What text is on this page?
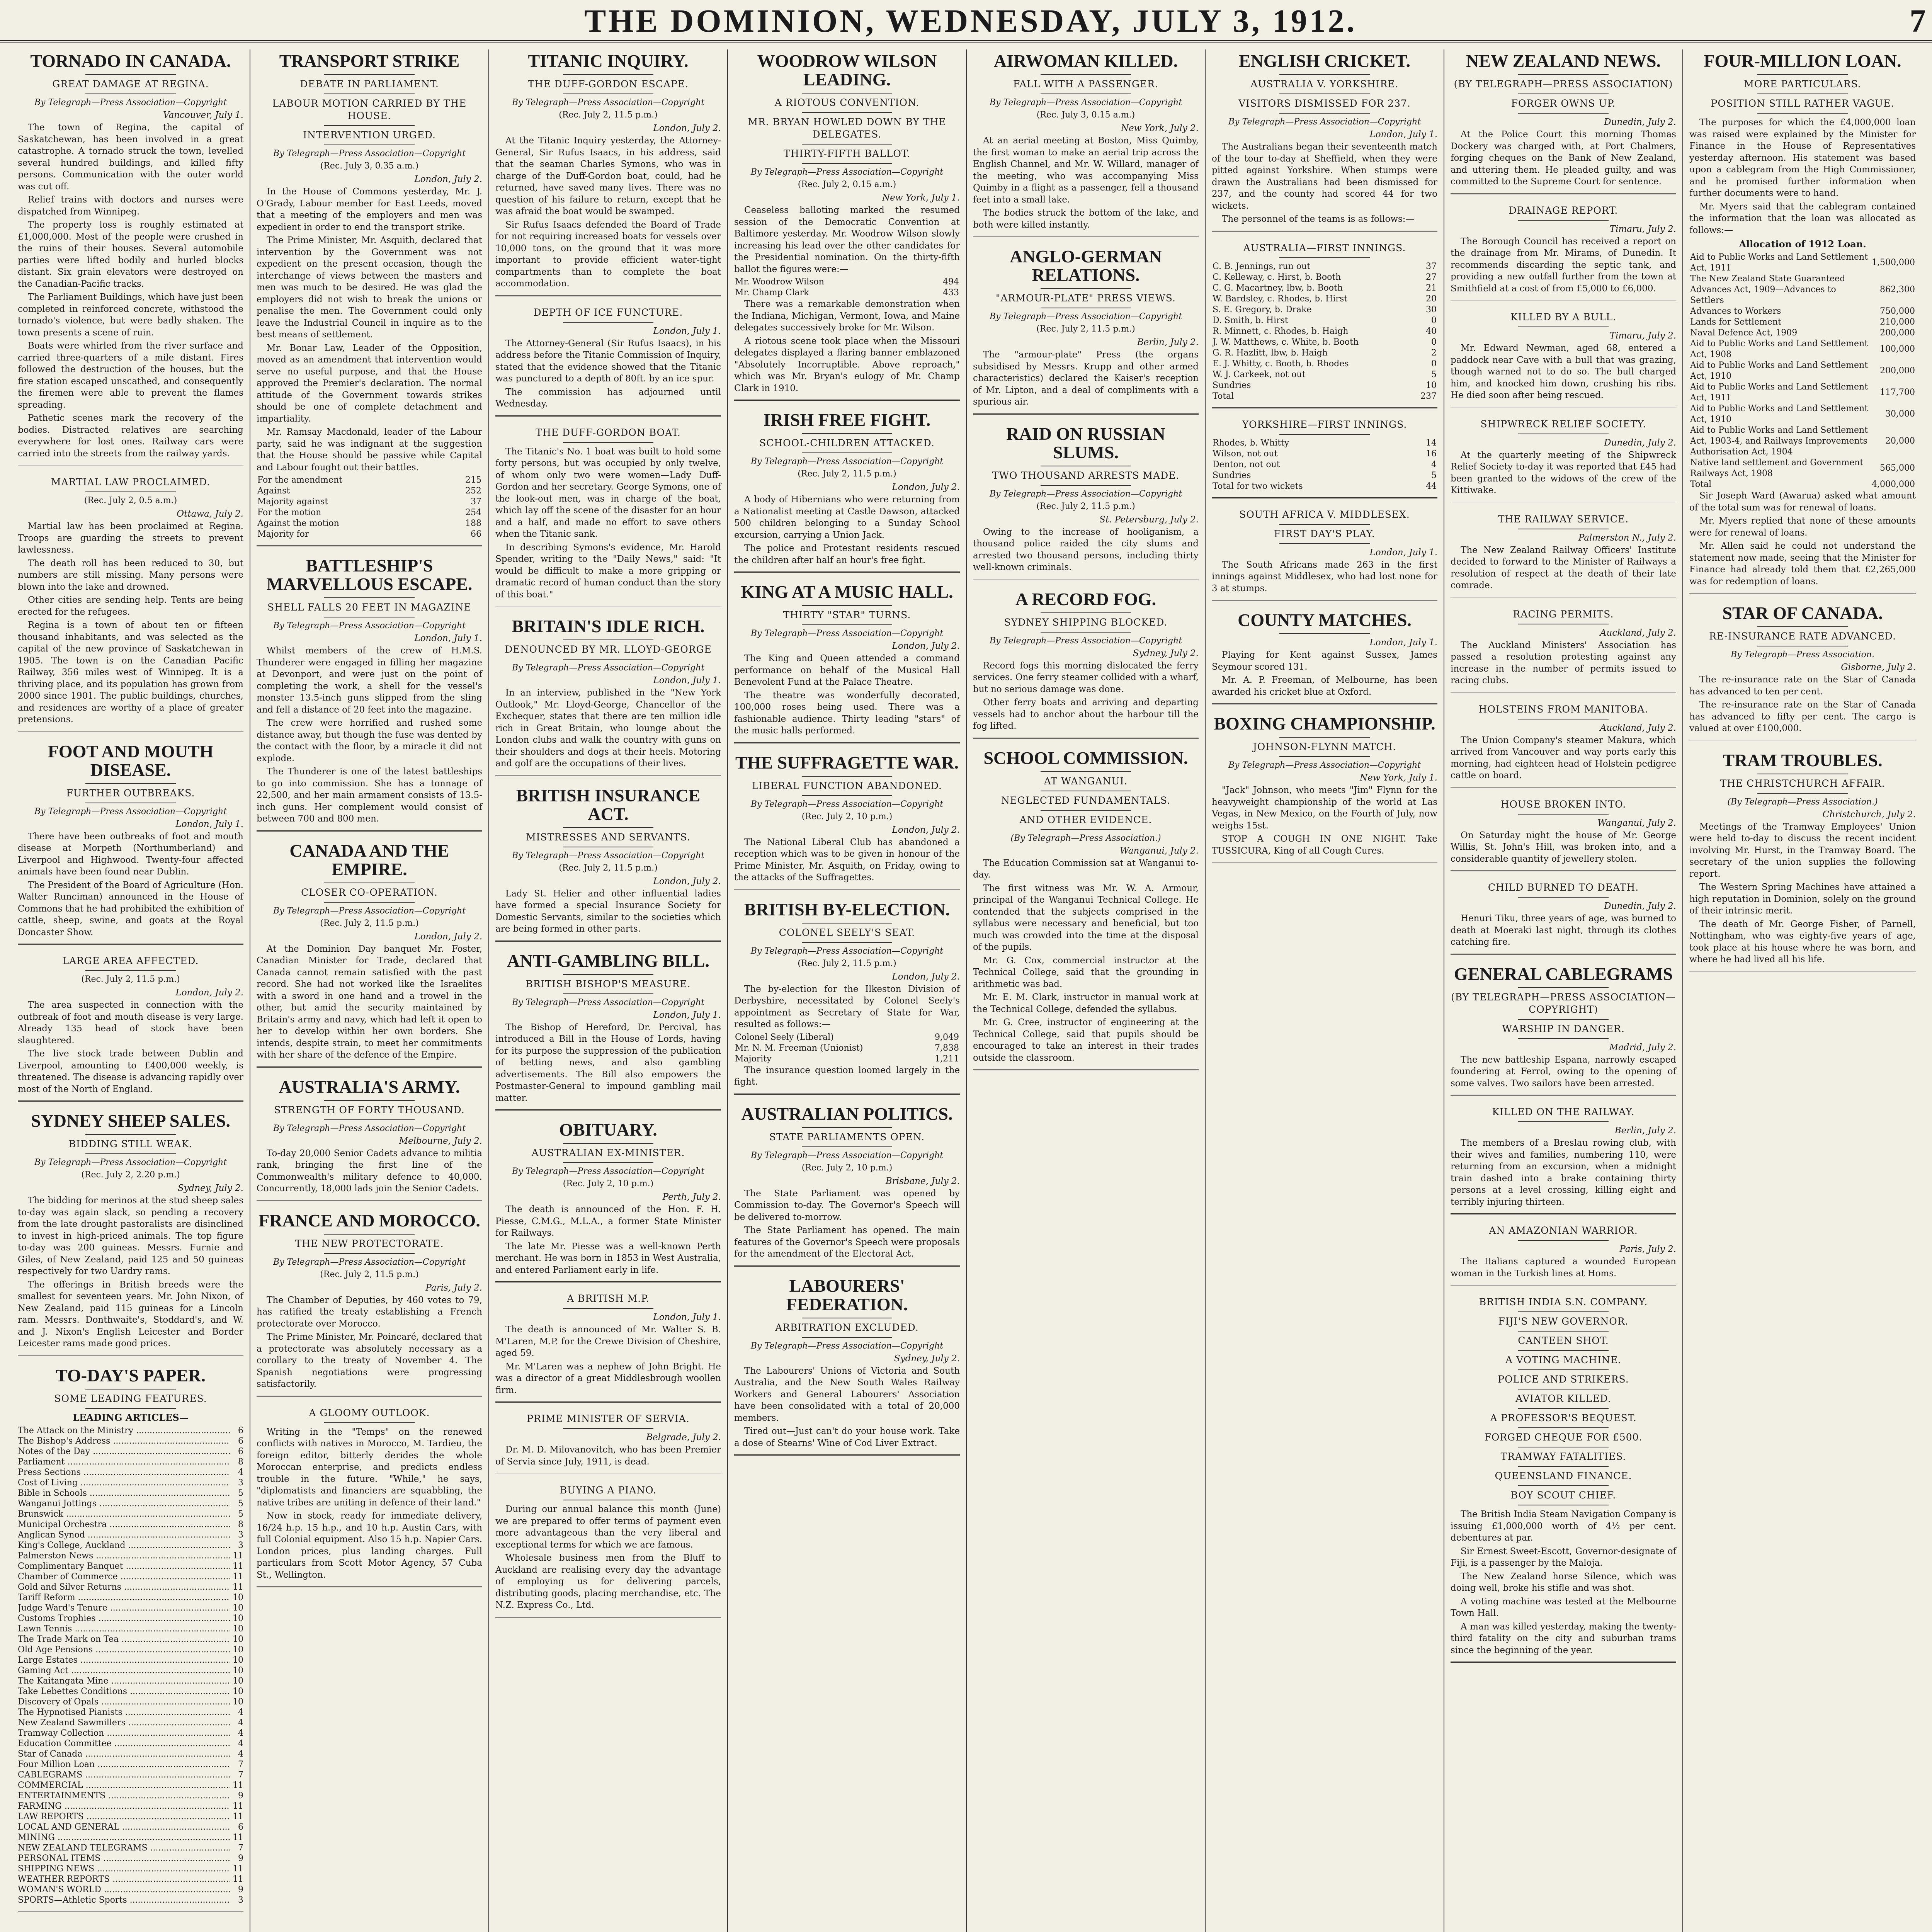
THE DOMINION, WEDNESDAY, JULY 3, 1912.	7
TORNADO IN CANADA.
GREAT DAMAGE AT REGINA.
By Telegraph—Press Association—Copyright
Vancouver, July 1.

The town of Regina, the capital of Saskatchewan, has been involved in a great catastrophe. A tornado struck the town, levelled several hundred buildings, and killed fifty persons. Communication with the outer world was cut off.

Relief trains with doctors and nurses were dispatched from Winnipeg.

The property loss is roughly estimated at £1,000,000. Most of the people were crushed in the ruins of their houses. Several automobile parties were lifted bodily and hurled blocks distant. Six grain elevators were destroyed on the Canadian-Pacific tracks.

The Parliament Buildings, which have just been completed in reinforced concrete, withstood the tornado's violence, but were badly shaken. The town presents a scene of ruin.

Boats were whirled from the river surface and carried three-quarters of a mile distant. Fires followed the destruction of the houses, but the fire station escaped unscathed, and consequently the firemen were able to prevent the flames spreading.

Pathetic scenes mark the recovery of the bodies. Distracted relatives are searching everywhere for lost ones. Railway cars were carried into the streets from the railway yards.

MARTIAL LAW PROCLAIMED.
(Rec. July 2, 0.5 a.m.)
Ottawa, July 2.

Martial law has been proclaimed at Regina. Troops are guarding the streets to prevent lawlessness.

The death roll has been reduced to 30, but numbers are still missing. Many persons were blown into the lake and drowned.

Other cities are sending help. Tents are being erected for the refugees.

Regina is a town of about ten or fifteen thousand inhabitants, and was selected as the capital of the new province of Saskatchewan in 1905. The town is on the Canadian Pacific Railway, 356 miles west of Winnipeg. It is a thriving place, and its population has grown from 2000 since 1901. The public buildings, churches, and residences are worthy of a place of greater pretensions.

FOOT AND MOUTH DISEASE.
FURTHER OUTBREAKS.
By Telegraph—Press Association—Copyright
London, July 1.

There have been outbreaks of foot and mouth disease at Morpeth (Northumberland) and Liverpool and Highwood. Twenty-four affected animals have been found near Dublin.

The President of the Board of Agriculture (Hon. Walter Runciman) announced in the House of Commons that he had prohibited the exhibition of cattle, sheep, swine, and goats at the Royal Doncaster Show.

LARGE AREA AFFECTED.
(Rec. July 2, 11.5 p.m.)
London, July 2.

The area suspected in connection with the outbreak of foot and mouth disease is very large. Already 135 head of stock have been slaughtered.

The live stock trade between Dublin and Liverpool, amounting to £400,000 weekly, is threatened. The disease is advancing rapidly over most of the North of England.

SYDNEY SHEEP SALES.
BIDDING STILL WEAK.
By Telegraph—Press Association—Copyright
(Rec. July 2, 2.20 p.m.)
Sydney, July 2.

The bidding for merinos at the stud sheep sales to-day was again slack, so pending a recovery from the late drought pastoralists are disinclined to invest in high-priced animals. The top figure to-day was 200 guineas. Messrs. Furnie and Giles, of New Zealand, paid 125 and 50 guineas respectively for two Uardry rams.

The offerings in British breeds were the smallest for seventeen years. Mr. John Nixon, of New Zealand, paid 115 guineas for a Lincoln ram. Messrs. Donthwaite's, Stoddard's, and W. and J. Nixon's English Leicester and Border Leicester rams made good prices.

TO-DAY'S PAPER.
SOME LEADING FEATURES.
LEADING ARTICLES—
The Attack on the Ministry .....	6
The Bishop's Address .....	6
Notes of the Day .....	6
Parliament .....	8
Press Sections .....	4
Cost of Living .....	3
Bible in Schools .....	5
Wanganui Jottings .....	5
Brunswick .....	5
Municipal Orchestra .....	8
Anglican Synod .....	3
King's College, Auckland .....	3
Palmerston News .....	11
Complimentary Banquet .....	11
Chamber of Commerce .....	11
Gold and Silver Returns .....	11
Tariff Reform .....	10
Judge Ward's Tenure .....	10
Customs Trophies .....	10
Lawn Tennis .....	10
The Trade Mark on Tea .....	10
Old Age Pensions .....	10
Large Estates .....	10
Gaming Act .....	10
The Kaitangata Mine .....	10
Take Lebettes Conditions .....	10
Discovery of Opals .....	10
The Hypnotised Pianists .....	4
New Zealand Sawmillers .....	4
Tramway Collection .....	4
Education Committee .....	4
Star of Canada .....	4
Four Million Loan .....	7
CABLEGRAMS .....	7
COMMERCIAL .....	11
ENTERTAINMENTS .....	9
FARMING .....	11
LAW REPORTS .....	11
LOCAL AND GENERAL .....	6
MINING .....	11
NEW ZEALAND TELEGRAMS .....	7
PERSONAL ITEMS .....	9
SHIPPING NEWS .....	11
WEATHER REPORTS .....	11
WOMAN'S WORLD .....	9
SPORTS—Athletic Sports .....	3
TRANSPORT STRIKE
DEBATE IN PARLIAMENT.
LABOUR MOTION CARRIED BY THE HOUSE.
INTERVENTION URGED.
By Telegraph—Press Association—Copyright
(Rec. July 3, 0.35 a.m.)
London, July 2.

In the House of Commons yesterday, Mr. J. O'Grady, Labour member for East Leeds, moved that a meeting of the employers and men was expedient in order to end the transport strike.

The Prime Minister, Mr. Asquith, declared that intervention by the Government was not expedient on the present occasion, though the interchange of views between the masters and men was much to be desired. He was glad the employers did not wish to break the unions or penalise the men. The Government could only leave the Industrial Council in inquire as to the best means of settlement.

Mr. Bonar Law, Leader of the Opposition, moved as an amendment that intervention would serve no useful purpose, and that the House approved the Premier's declaration. The normal attitude of the Government towards strikes should be one of complete detachment and impartiality.

Mr. Ramsay Macdonald, leader of the Labour party, said he was indignant at the suggestion that the House should be passive while Capital and Labour fought out their battles.

For the amendment	215
Against	252
Majority against	37
For the motion	254
Against the motion	188
Majority for	66
BATTLESHIP'S MARVELLOUS ESCAPE.
SHELL FALLS 20 FEET IN MAGAZINE
By Telegraph—Press Association—Copyright
London, July 1.

Whilst members of the crew of H.M.S. Thunderer were engaged in filling her magazine at Devonport, and were just on the point of completing the work, a shell for the vessel's monster 13.5-inch guns slipped from the sling and fell a distance of 20 feet into the magazine.

The crew were horrified and rushed some distance away, but though the fuse was dented by the contact with the floor, by a miracle it did not explode.

The Thunderer is one of the latest battleships to go into commission. She has a tonnage of 22,500, and her main armament consists of 13.5-inch guns. Her complement would consist of between 700 and 800 men.

CANADA AND THE EMPIRE.
CLOSER CO-OPERATION.
By Telegraph—Press Association—Copyright
(Rec. July 2, 11.5 p.m.)
London, July 2.

At the Dominion Day banquet Mr. Foster, Canadian Minister for Trade, declared that Canada cannot remain satisfied with the past record. She had not worked like the Israelites with a sword in one hand and a trowel in the other, but amid the security maintained by Britain's army and navy, which had left it open to her to develop within her own borders. She intends, despite strain, to meet her commitments with her share of the defence of the Empire.

AUSTRALIA'S ARMY.
STRENGTH OF FORTY THOUSAND.
By Telegraph—Press Association—Copyright
Melbourne, July 2.

To-day 20,000 Senior Cadets advance to militia rank, bringing the first line of the Commonwealth's military defence to 40,000. Concurrently, 18,000 lads join the Senior Cadets.

FRANCE AND MOROCCO.
THE NEW PROTECTORATE.
By Telegraph—Press Association—Copyright
(Rec. July 2, 11.5 p.m.)
Paris, July 2.

The Chamber of Deputies, by 460 votes to 79, has ratified the treaty establishing a French protectorate over Morocco.

The Prime Minister, Mr. Poincaré, declared that a protectorate was absolutely necessary as a corollary to the treaty of November 4. The Spanish negotiations were progressing satisfactorily.

A GLOOMY OUTLOOK.

Writing in the "Temps" on the renewed conflicts with natives in Morocco, M. Tardieu, the foreign editor, bitterly derides the whole Moroccan enterprise, and predicts endless trouble in the future. "While," he says, "diplomatists and financiers are squabbling, the native tribes are uniting in defence of their land."

Now in stock, ready for immediate delivery, 16/24 h.p. 15 h.p., and 10 h.p. Austin Cars, with full Colonial equipment. Also 15 h.p. Napier Cars. London prices, plus landing charges. Full particulars from Scott Motor Agency, 57 Cuba St., Wellington.

TITANIC INQUIRY.
THE DUFF-GORDON ESCAPE.
By Telegraph—Press Association—Copyright
(Rec. July 2, 11.5 p.m.)
London, July 2.

At the Titanic Inquiry yesterday, the Attorney-General, Sir Rufus Isaacs, in his address, said that the seaman Charles Symons, who was in charge of the Duff-Gordon boat, could, had he returned, have saved many lives. There was no question of his failure to return, except that he was afraid the boat would be swamped.

Sir Rufus Isaacs defended the Board of Trade for not requiring increased boats for vessels over 10,000 tons, on the ground that it was more important to provide efficient water-tight compartments than to complete the boat accommodation.

DEPTH OF ICE FUNCTURE.
London, July 1.

The Attorney-General (Sir Rufus Isaacs), in his address before the Titanic Commission of Inquiry, stated that the evidence showed that the Titanic was punctured to a depth of 80ft. by an ice spur.

The commission has adjourned until Wednesday.

THE DUFF-GORDON BOAT.

The Titanic's No. 1 boat was built to hold some forty persons, but was occupied by only twelve, of whom only two were women—Lady Duff-Gordon and her secretary. George Symons, one of the look-out men, was in charge of the boat, which lay off the scene of the disaster for an hour and a half, and made no effort to save others when the Titanic sank.

In describing Symons's evidence, Mr. Harold Spender, writing to the "Daily News," said: "It would be difficult to make a more gripping or dramatic record of human conduct than the story of this boat."

BRITAIN'S IDLE RICH.
DENOUNCED BY MR. LLOYD-GEORGE
By Telegraph—Press Association—Copyright
London, July 1.

In an interview, published in the "New York Outlook," Mr. Lloyd-George, Chancellor of the Exchequer, states that there are ten million idle rich in Great Britain, who lounge about the London clubs and walk the country with guns on their shoulders and dogs at their heels. Motoring and golf are the occupations of their lives.

BRITISH INSURANCE ACT.
MISTRESSES AND SERVANTS.
By Telegraph—Press Association—Copyright
(Rec. July 2, 11.5 p.m.)
London, July 2.

Lady St. Helier and other influential ladies have formed a special Insurance Society for Domestic Servants, similar to the societies which are being formed in other parts.

ANTI-GAMBLING BILL.
BRITISH BISHOP'S MEASURE.
By Telegraph—Press Association—Copyright
London, July 1.

The Bishop of Hereford, Dr. Percival, has introduced a Bill in the House of Lords, having for its purpose the suppression of the publication of betting news, and also gambling advertisements. The Bill also empowers the Postmaster-General to impound gambling mail matter.

OBITUARY.
AUSTRALIAN EX-MINISTER.
By Telegraph—Press Association—Copyright
(Rec. July 2, 10 p.m.)
Perth, July 2.

The death is announced of the Hon. F. H. Piesse, C.M.G., M.L.A., a former State Minister for Railways.

The late Mr. Piesse was a well-known Perth merchant. He was born in 1853 in West Australia, and entered Parliament early in life.

A BRITISH M.P.
London, July 1.

The death is announced of Mr. Walter S. B. M'Laren, M.P. for the Crewe Division of Cheshire, aged 59.

Mr. M'Laren was a nephew of John Bright. He was a director of a great Middlesbrough woollen firm.

PRIME MINISTER OF SERVIA.
Belgrade, July 2.

Dr. M. D. Milovanovitch, who has been Premier of Servia since July, 1911, is dead.

BUYING A PIANO.

During our annual balance this month (June) we are prepared to offer terms of payment even more advantageous than the very liberal and exceptional terms for which we are famous.

Wholesale business men from the Bluff to Auckland are realising every day the advantage of employing us for delivering parcels, distributing goods, placing merchandise, etc. The N.Z. Express Co., Ltd.

WOODROW WILSON LEADING.
A RIOTOUS CONVENTION.
MR. BRYAN HOWLED DOWN BY THE DELEGATES.
THIRTY-FIFTH BALLOT.
By Telegraph—Press Association—Copyright
(Rec. July 2, 0.15 a.m.)
New York, July 1.

Ceaseless balloting marked the resumed session of the Democratic Convention at Baltimore yesterday. Mr. Woodrow Wilson slowly increasing his lead over the other candidates for the Presidential nomination. On the thirty-fifth ballot the figures were:—

Mr. Woodrow Wilson	494
Mr. Champ Clark	433

There was a remarkable demonstration when the Indiana, Michigan, Vermont, Iowa, and Maine delegates successively broke for Mr. Wilson.

A riotous scene took place when the Missouri delegates displayed a flaring banner emblazoned "Absolutely Incorruptible. Above reproach," which was Mr. Bryan's eulogy of Mr. Champ Clark in 1910.

IRISH FREE FIGHT.
SCHOOL-CHILDREN ATTACKED.
By Telegraph—Press Association—Copyright
(Rec. July 2, 11.5 p.m.)
London, July 2.

A body of Hibernians who were returning from a Nationalist meeting at Castle Dawson, attacked 500 children belonging to a Sunday School excursion, carrying a Union Jack.

The police and Protestant residents rescued the children after half an hour's free fight.

KING AT A MUSIC HALL.
THIRTY "STAR" TURNS.
By Telegraph—Press Association—Copyright
London, July 2.

The King and Queen attended a command performance on behalf of the Musical Hall Benevolent Fund at the Palace Theatre.

The theatre was wonderfully decorated, 100,000 roses being used. There was a fashionable audience. Thirty leading "stars" of the music halls performed.

THE SUFFRAGETTE WAR.
LIBERAL FUNCTION ABANDONED.
By Telegraph—Press Association—Copyright
(Rec. July 2, 10 p.m.)
London, July 2.

The National Liberal Club has abandoned a reception which was to be given in honour of the Prime Minister, Mr. Asquith, on Friday, owing to the attacks of the Suffragettes.

BRITISH BY-ELECTION.
COLONEL SEELY'S SEAT.
By Telegraph—Press Association—Copyright
(Rec. July 2, 11.5 p.m.)
London, July 2.

The by-election for the Ilkeston Division of Derbyshire, necessitated by Colonel Seely's appointment as Secretary of State for War, resulted as follows:—

Colonel Seely (Liberal)	9,049
Mr. N. M. Freeman (Unionist)	7,838
Majority	1,211

The insurance question loomed largely in the fight.

AUSTRALIAN POLITICS.
STATE PARLIAMENTS OPEN.
By Telegraph—Press Association—Copyright
(Rec. July 2, 10 p.m.)
Brisbane, July 2.

The State Parliament was opened by Commission to-day. The Governor's Speech will be delivered to-morrow.

The State Parliament has opened. The main features of the Governor's Speech were proposals for the amendment of the Electoral Act.

LABOURERS' FEDERATION.
ARBITRATION EXCLUDED.
By Telegraph—Press Association—Copyright
Sydney, July 2.

The Labourers' Unions of Victoria and South Australia, and the New South Wales Railway Workers and General Labourers' Association have been consolidated with a total of 20,000 members.

Tired out—Just can't do your house work. Take a dose of Stearns' Wine of Cod Liver Extract.

AIRWOMAN KILLED.
FALL WITH A PASSENGER.
By Telegraph—Press Association—Copyright
(Rec. July 3, 0.15 a.m.)
New York, July 2.

At an aerial meeting at Boston, Miss Quimby, the first woman to make an aerial trip across the English Channel, and Mr. W. Willard, manager of the meeting, who was accompanying Miss Quimby in a flight as a passenger, fell a thousand feet into a small lake.

The bodies struck the bottom of the lake, and both were killed instantly.

ANGLO-GERMAN RELATIONS.
"ARMOUR-PLATE" PRESS VIEWS.
By Telegraph—Press Association—Copyright
(Rec. July 2, 11.5 p.m.)
Berlin, July 2.

The "armour-plate" Press (the organs subsidised by Messrs. Krupp and other armed characteristics) declared the Kaiser's reception of Mr. Lipton, and a deal of compliments with a spurious air.

RAID ON RUSSIAN SLUMS.
TWO THOUSAND ARRESTS MADE.
By Telegraph—Press Association—Copyright
(Rec. July 2, 11.5 p.m.)
St. Petersburg, July 2.

Owing to the increase of hooliganism, a thousand police raided the city slums and arrested two thousand persons, including thirty well-known criminals.

A RECORD FOG.
SYDNEY SHIPPING BLOCKED.
By Telegraph—Press Association—Copyright
Sydney, July 2.

Record fogs this morning dislocated the ferry services. One ferry steamer collided with a wharf, but no serious damage was done.

Other ferry boats and arriving and departing vessels had to anchor about the harbour till the fog lifted.

SCHOOL COMMISSION.
AT WANGANUI.
NEGLECTED FUNDAMENTALS.
AND OTHER EVIDENCE.
(By Telegraph—Press Association.)
Wanganui, July 2.

The Education Commission sat at Wanganui to-day.

The first witness was Mr. W. A. Armour, principal of the Wanganui Technical College. He contended that the subjects comprised in the syllabus were necessary and beneficial, but too much was crowded into the time at the disposal of the pupils.

Mr. G. Cox, commercial instructor at the Technical College, said that the grounding in arithmetic was bad.

Mr. E. M. Clark, instructor in manual work at the Technical College, defended the syllabus.

Mr. G. Cree, instructor of engineering at the Technical College, said that pupils should be encouraged to take an interest in their trades outside the classroom.

ENGLISH CRICKET.
AUSTRALIA V. YORKSHIRE.
VISITORS DISMISSED FOR 237.
By Telegraph—Press Association—Copyright
London, July 1.

The Australians began their seventeenth match of the tour to-day at Sheffield, when they were pitted against Yorkshire. When stumps were drawn the Australians had been dismissed for 237, and the county had scored 44 for two wickets.

The personnel of the teams is as follows:—

AUSTRALIA—FIRST INNINGS.
C. B. Jennings, run out	37
C. Kelleway, c. Hirst, b. Booth	27
C. G. Macartney, lbw, b. Booth	21
W. Bardsley, c. Rhodes, b. Hirst	20
S. E. Gregory, b. Drake	30
D. Smith, b. Hirst	0
R. Minnett, c. Rhodes, b. Haigh	40
J. W. Matthews, c. White, b. Booth	0
G. R. Hazlitt, lbw, b. Haigh	2
E. J. Whitty, c. Booth, b. Rhodes	0
W. J. Carkeek, not out	5
Sundries	10
Total	237
YORKSHIRE—FIRST INNINGS.
Rhodes, b. Whitty	14
Wilson, not out	16
Denton, not out	4
Sundries	5
Total for two wickets	44
SOUTH AFRICA V. MIDDLESEX.
FIRST DAY'S PLAY.
London, July 1.

The South Africans made 263 in the first innings against Middlesex, who had lost none for 3 at stumps.

COUNTY MATCHES.
London, July 1.

Playing for Kent against Sussex, James Seymour scored 131.

Mr. A. P. Freeman, of Melbourne, has been awarded his cricket blue at Oxford.

BOXING CHAMPIONSHIP.
JOHNSON-FLYNN MATCH.
By Telegraph—Press Association—Copyright
New York, July 1.

"Jack" Johnson, who meets "Jim" Flynn for the heavyweight championship of the world at Las Vegas, in New Mexico, on the Fourth of July, now weighs 15st.

STOP A COUGH IN ONE NIGHT. Take TUSSICURA, King of all Cough Cures.

NEW ZEALAND NEWS.
(BY TELEGRAPH—PRESS ASSOCIATION)
FORGER OWNS UP.
Dunedin, July 2.

At the Police Court this morning Thomas Dockery was charged with, at Port Chalmers, forging cheques on the Bank of New Zealand, and uttering them. He pleaded guilty, and was committed to the Supreme Court for sentence.

DRAINAGE REPORT.
Timaru, July 2.

The Borough Council has received a report on the drainage from Mr. Mirams, of Dunedin. It recommends discarding the septic tank, and providing a new outfall further from the town at Smithfield at a cost of from £5,000 to £6,000.

KILLED BY A BULL.
Timaru, July 2.

Mr. Edward Newman, aged 68, entered a paddock near Cave with a bull that was grazing, though warned not to do so. The bull charged him, and knocked him down, crushing his ribs. He died soon after being rescued.

SHIPWRECK RELIEF SOCIETY.
Dunedin, July 2.

At the quarterly meeting of the Shipwreck Relief Society to-day it was reported that £45 had been granted to the widows of the crew of the Kittiwake.

THE RAILWAY SERVICE.
Palmerston N., July 2.

The New Zealand Railway Officers' Institute decided to forward to the Minister of Railways a resolution of respect at the death of their late comrade.

RACING PERMITS.
Auckland, July 2.

The Auckland Ministers' Association has passed a resolution protesting against any increase in the number of permits issued to racing clubs.

HOLSTEINS FROM MANITOBA.
Auckland, July 2.

The Union Company's steamer Makura, which arrived from Vancouver and way ports early this morning, had eighteen head of Holstein pedigree cattle on board.

HOUSE BROKEN INTO.
Wanganui, July 2.

On Saturday night the house of Mr. George Willis, St. John's Hill, was broken into, and a considerable quantity of jewellery stolen.

CHILD BURNED TO DEATH.
Dunedin, July 2.

Henuri Tiku, three years of age, was burned to death at Moeraki last night, through its clothes catching fire.

GENERAL CABLEGRAMS
(BY TELEGRAPH—PRESS ASSOCIATION—COPYRIGHT)
WARSHIP IN DANGER.
Madrid, July 2.

The new battleship Espana, narrowly escaped foundering at Ferrol, owing to the opening of some valves. Two sailors have been arrested.

KILLED ON THE RAILWAY.
Berlin, July 2.

The members of a Breslau rowing club, with their wives and families, numbering 110, were returning from an excursion, when a midnight train dashed into a brake containing thirty persons at a level crossing, killing eight and terribly injuring thirteen.

AN AMAZONIAN WARRIOR.
Paris, July 2.

The Italians captured a wounded European woman in the Turkish lines at Homs.

BRITISH INDIA S.N. COMPANY.
FIJI'S NEW GOVERNOR.
CANTEEN SHOT.
A VOTING MACHINE.
POLICE AND STRIKERS.
AVIATOR KILLED.
A PROFESSOR'S BEQUEST.
FORGED CHEQUE FOR £500.
TRAMWAY FATALITIES.
QUEENSLAND FINANCE.
BOY SCOUT CHIEF.

The British India Steam Navigation Company is issuing £1,000,000 worth of 4½ per cent. debentures at par.

Sir Ernest Sweet-Escott, Governor-designate of Fiji, is a passenger by the Maloja.

The New Zealand horse Silence, which was doing well, broke his stifle and was shot.

A voting machine was tested at the Melbourne Town Hall.

A man was killed yesterday, making the twenty-third fatality on the city and suburban trams since the beginning of the year.

FOUR-MILLION LOAN.
MORE PARTICULARS.
POSITION STILL RATHER VAGUE.

The purposes for which the £4,000,000 loan was raised were explained by the Minister for Finance in the House of Representatives yesterday afternoon. His statement was based upon a cablegram from the High Commissioner, and he promised further information when further documents were to hand.

Mr. Myers said that the cablegram contained the information that the loan was allocated as follows:—

Allocation of 1912 Loan.
Aid to Public Works and Land Settlement Act, 1911	1,500,000
The New Zealand State Guaranteed Advances Act, 1909—Advances to Settlers	862,300
Advances to Workers	750,000
Lands for Settlement	210,000
Naval Defence Act, 1909	200,000
Aid to Public Works and Land Settlement Act, 1908	100,000
Aid to Public Works and Land Settlement Act, 1910	200,000
Aid to Public Works and Land Settlement Act, 1911	117,700
Aid to Public Works and Land Settlement Act, 1910	30,000
Aid to Public Works and Land Settlement Act, 1903-4, and Railways Improvements Authorisation Act, 1904	20,000
Native land settlement and Government Railways Act, 1908	565,000
Total	4,000,000

Sir Joseph Ward (Awarua) asked what amount of the total sum was for renewal of loans.

Mr. Myers replied that none of these amounts were for renewal of loans.

Mr. Allen said he could not understand the statement now made, seeing that the Minister for Finance had already told them that £2,265,000 was for redemption of loans.

STAR OF CANADA.
RE-INSURANCE RATE ADVANCED.
By Telegraph—Press Association.
Gisborne, July 2.

The re-insurance rate on the Star of Canada has advanced to ten per cent.

The re-insurance rate on the Star of Canada has advanced to fifty per cent. The cargo is valued at over £100,000.

TRAM TROUBLES.
THE CHRISTCHURCH AFFAIR.
(By Telegraph—Press Association.)
Christchurch, July 2.

Meetings of the Tramway Employees' Union were held to-day to discuss the recent incident involving Mr. Hurst, in the Tramway Board. The secretary of the union supplies the following report.

The Western Spring Machines have attained a high reputation in Dominion, solely on the ground of their intrinsic merit.

The death of Mr. George Fisher, of Parnell, Nottingham, who was eighty-five years of age, took place at his house where he was born, and where he had lived all his life.
